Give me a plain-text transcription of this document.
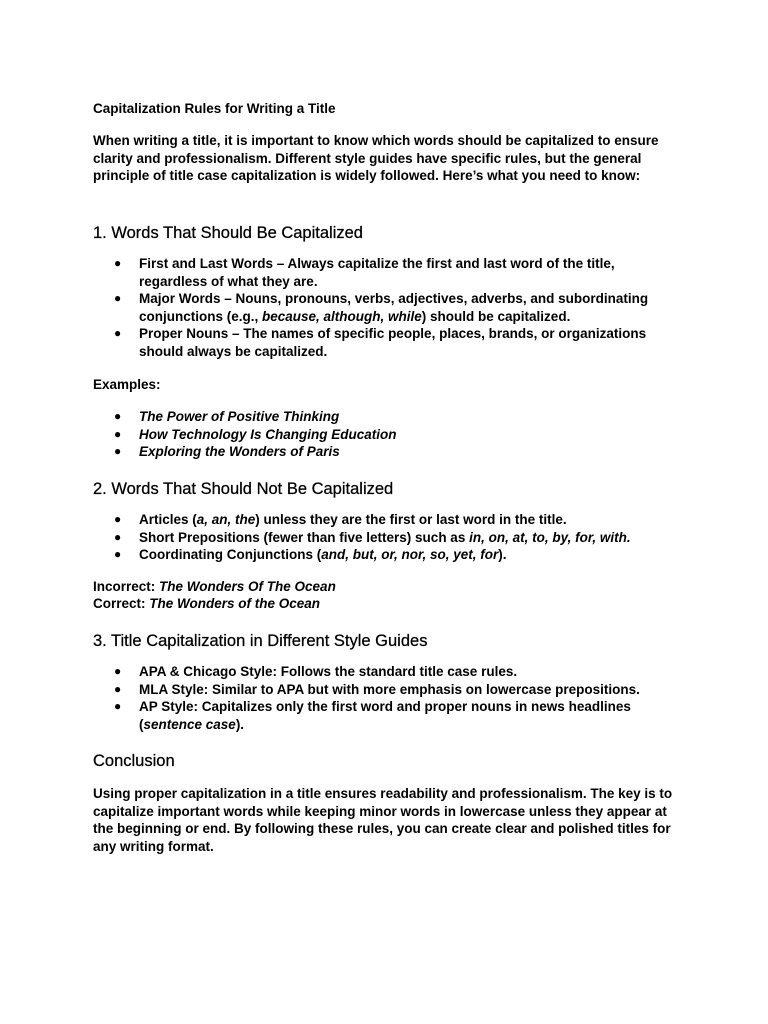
Capitalization Rules for Writing a Title

When writing a title, it is important to know which words should be capitalized to ensure clarity and professionalism. Different style guides have specific rules, but the general principle of title case capitalization is widely followed. Here’s what you need to know:

1. Words That Should Be Capitalized
● First and Last Words – Always capitalize the first and last word of the title, regardless of what they are.
● Major Words – Nouns, pronouns, verbs, adjectives, adverbs, and subordinating conjunctions (e.g., because, although, while) should be capitalized.
● Proper Nouns – The names of specific people, places, brands, or organizations should always be capitalized.
Examples:
● The Power of Positive Thinking
● How Technology Is Changing Education
● Exploring the Wonders of Paris
2. Words That Should Not Be Capitalized
● Articles (a, an, the) unless they are the first or last word in the title.
● Short Prepositions (fewer than five letters) such as in, on, at, to, by, for, with.
● Coordinating Conjunctions (and, but, or, nor, so, yet, for).
Incorrect: The Wonders Of The Ocean
Correct: The Wonders of the Ocean
3. Title Capitalization in Different Style Guides
● APA & Chicago Style: Follows the standard title case rules.
● MLA Style: Similar to APA but with more emphasis on lowercase prepositions.
● AP Style: Capitalizes only the first word and proper nouns in news headlines (sentence case).
Conclusion

Using proper capitalization in a title ensures readability and professionalism. The key is to capitalize important words while keeping minor words in lowercase unless they appear at the beginning or end. By following these rules, you can create clear and polished titles for any writing format.
